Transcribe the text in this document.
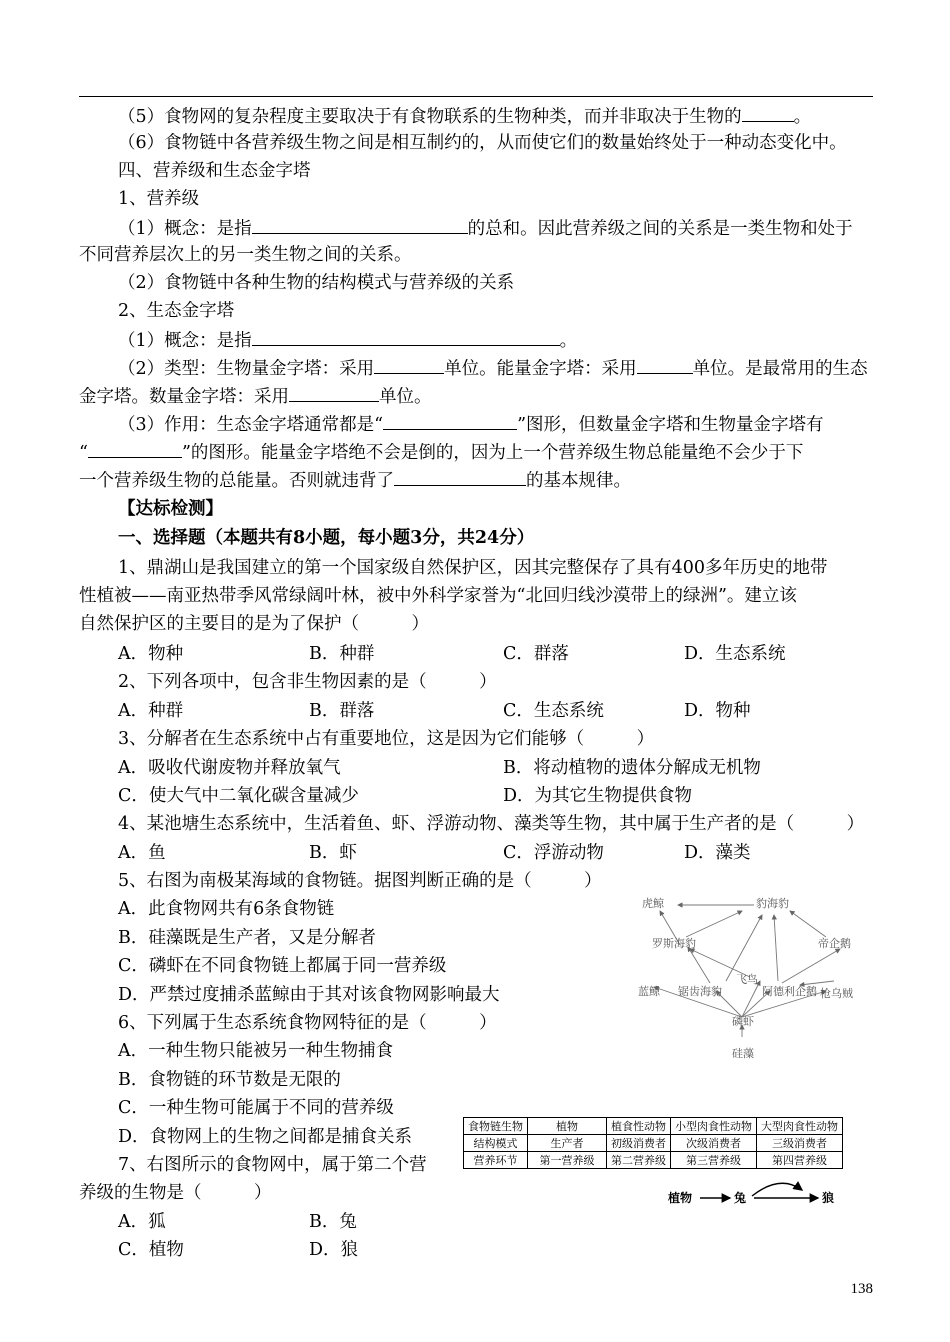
（5）食物网的复杂程度主要取决于有食物联系的生物种类，而并非取决于生物的	。
（6）食物链中各营养级生物之间是相互制约的，从而使它们的数量始终处于一种动态变化中。
四、营养级和生态金字塔
1、营养级
（1）概念：是指	的总和。因此营养级之间的关系是一类生物和处于
不同营养层次上的另一类生物之间的关系。
（2）食物链中各种生物的结构模式与营养级的关系
2、生态金字塔
（1）概念：是指	。
（2）类型：生物量金字塔：采用	单位。能量金字塔：采用	单位。是最常用的生态
金字塔。数量金字塔：采用	单位。
（3）作用：生态金字塔通常都是“	”图形，但数量金字塔和生物量金字塔有
“	”的图形。能量金字塔绝不会是倒的，因为上一个营养级生物总能量绝不会少于下
一个营养级生物的总能量。否则就违背了	的基本规律。
【达标检测】
一、选择题（本题共有8小题，每小题3分，共24分）
1、鼎湖山是我国建立的第一个国家级自然保护区，因其完整保存了具有400多年历史的地带
性植被——南亚热带季风常绿阔叶林，被中外科学家誉为“北回归线沙漠带上的绿洲”。建立该
自然保护区的主要目的是为了保护（　　　）
A．物种	B．种群	C．群落	D．生态系统
2、下列各项中，包含非生物因素的是（　　　）
A．种群	B．群落	C．生态系统	D．物种
3、分解者在生态系统中占有重要地位，这是因为它们能够（　　　）
A．吸收代谢废物并释放氧气	B．将动植物的遗体分解成无机物
C．使大气中二氧化碳含量减少	D．为其它生物提供食物
4、某池塘生态系统中，生活着鱼、虾、浮游动物、藻类等生物，其中属于生产者的是（　　　）
A．鱼	B．虾	C．浮游动物	D．藻类
5、右图为南极某海域的食物链。据图判断正确的是（　　　）
A．此食物网共有6条食物链
B．硅藻既是生产者，又是分解者
C．磷虾在不同食物链上都属于同一营养级
D．严禁过度捕杀蓝鲸由于其对该食物网影响最大
6、下列属于生态系统食物网特征的是（　　　）
A．一种生物只能被另一种生物捕食
B．食物链的环节数是无限的
C．一种生物可能属于不同的营养级
D．食物网上的生物之间都是捕食关系
7、右图所示的食物网中，属于第二个营
养级的生物是（　　　）
A．狐	B．兔
C．植物	D．狼
虎鲸	豹海豹
罗斯海豹	帝企鹅
飞鸟
蓝鲸 锯齿海豹	阿德利企鹅 枪乌贼
磷虾
硅藻
食物链生物	植物	植食性动物	小型肉食性动物	大型肉食性动物
结构模式	生产者	初级消费者	次级消费者	三级消费者
营养环节	第一营养级	第二营养级	第三营养级	第四营养级
植物	兔	狼
138
